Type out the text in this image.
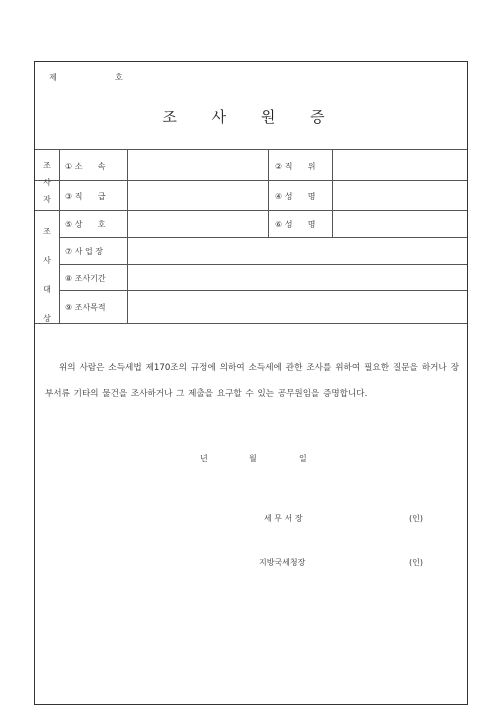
제	호
조 사 원 증
조
사
자
조
사
대
상
① 소      속	② 직      위
③ 직      급	④ 성      명
⑤ 상      호	⑥ 성      명
⑦ 사 업 장
⑧ 조사기간
⑨ 조사목적
위의 사람은 소득세법 제170조의 규정에 의하여 소득세에 관한 조사를 위하여 필요한 질문을 하거나 장부서류 기타의 물건을 조사하거나 그 제출을 요구할 수 있는 공무원임을 증명합니다.
년	월	일
세 무 서 장	(인)
지방국세청장	(인)
